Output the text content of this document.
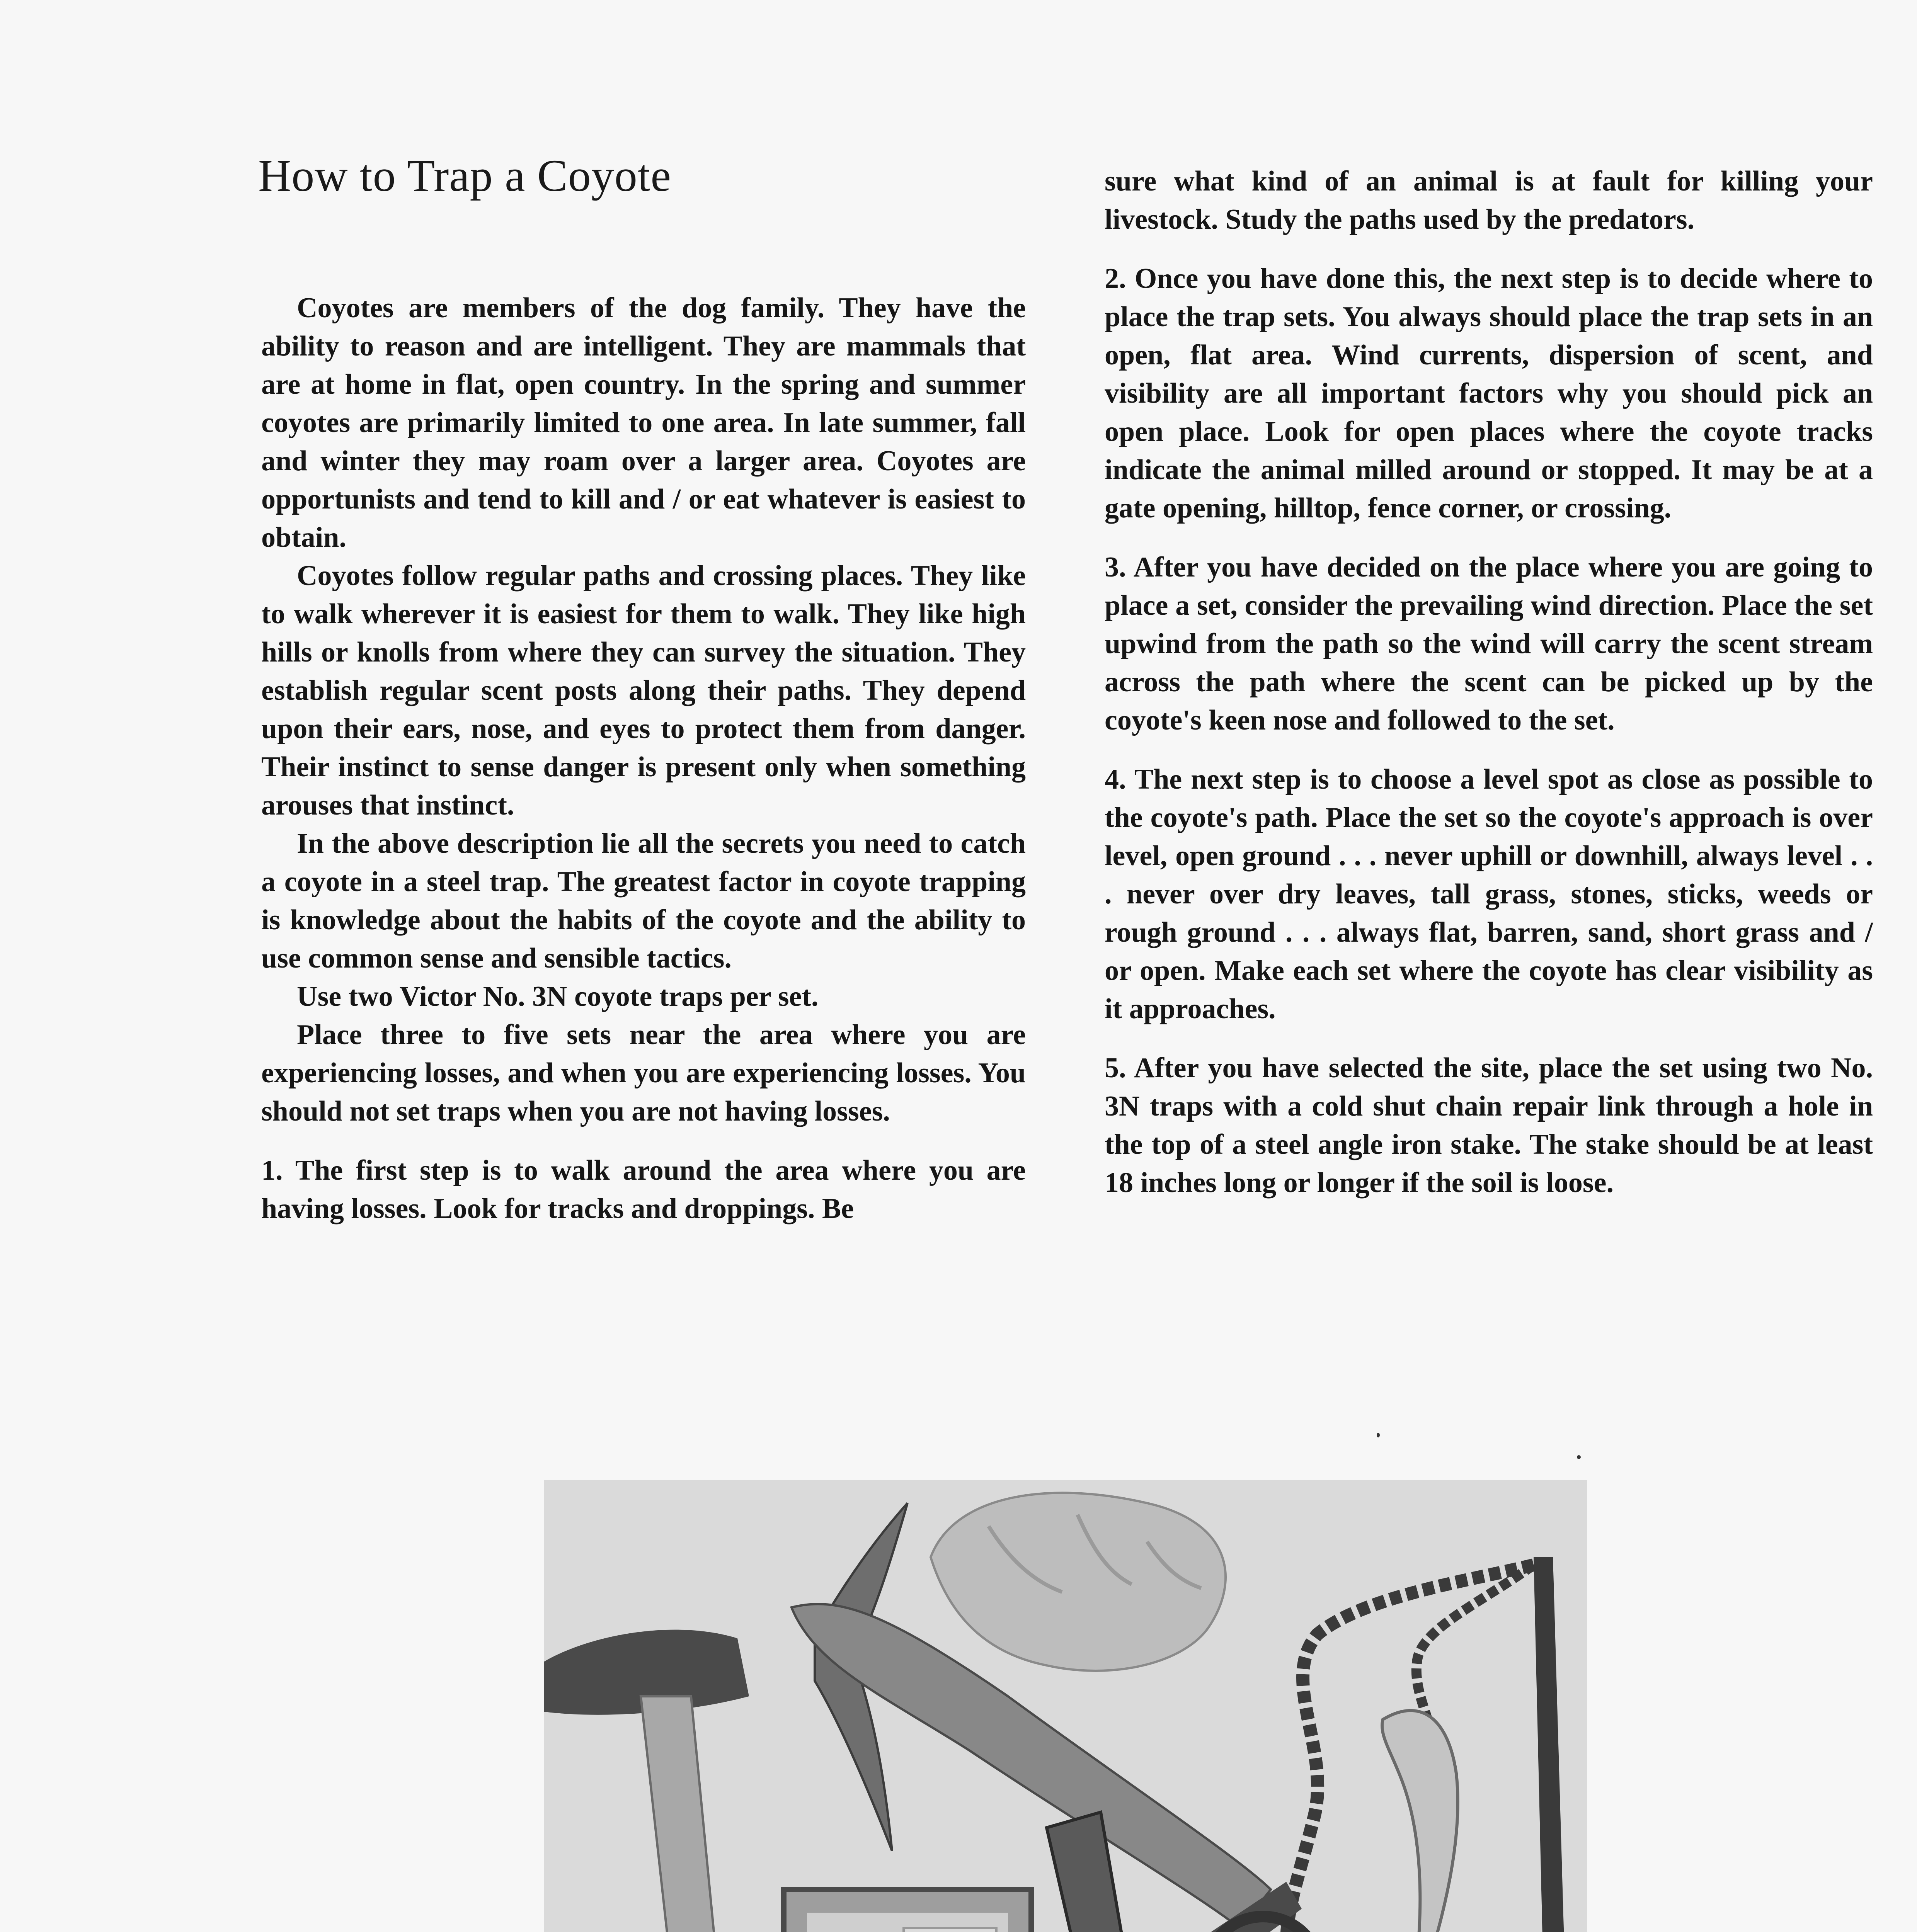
How to Trap a Coyote

Coyotes are members of the dog family. They have the ability to reason and are intelligent. They are mammals that are at home in flat, open country. In the spring and summer coyotes are primarily limited to one area. In late summer, fall and winter they may roam over a larger area. Coyotes are opportunists and tend to kill and / or eat whatever is easiest to obtain.

Coyotes follow regular paths and crossing places. They like to walk wherever it is easiest for them to walk. They like high hills or knolls from where they can survey the situation. They establish regular scent posts along their paths. They depend upon their ears, nose, and eyes to protect them from danger. Their instinct to sense danger is present only when something arouses that instinct.

In the above description lie all the secrets you need to catch a coyote in a steel trap. The greatest factor in coyote trapping is knowledge about the habits of the coyote and the ability to use common sense and sensible tactics.

Use two Victor No. 3N coyote traps per set.

Place three to five sets near the area where you are experiencing losses, and when you are experiencing losses. You should not set traps when you are not having losses.

1. The first step is to walk around the area where you are having losses. Look for tracks and droppings. Be

sure what kind of an animal is at fault for killing your livestock. Study the paths used by the predators.

2. Once you have done this, the next step is to decide where to place the trap sets. You always should place the trap sets in an open, flat area. Wind currents, dispersion of scent, and visibility are all important factors why you should pick an open place. Look for open places where the coyote tracks indicate the animal milled around or stopped. It may be at a gate opening, hilltop, fence corner, or crossing.

3. After you have decided on the place where you are going to place a set, consider the prevailing wind direction. Place the set upwind from the path so the wind will carry the scent stream across the path where the scent can be picked up by the coyote's keen nose and followed to the set.

4. The next step is to choose a level spot as close as possible to the coyote's path. Place the set so the coyote's approach is over level, open ground . . . never uphill or downhill, always level . . . never over dry leaves, tall grass, stones, sticks, weeds or rough ground . . . always flat, barren, sand, short grass and / or open. Make each set where the coyote has clear visibility as it approaches.

5. After you have selected the site, place the set using two No. 3N traps with a cold shut chain repair link through a hole in the top of a steel angle iron stake. The stake should be at least 18 inches long or longer if the soil is loose.
